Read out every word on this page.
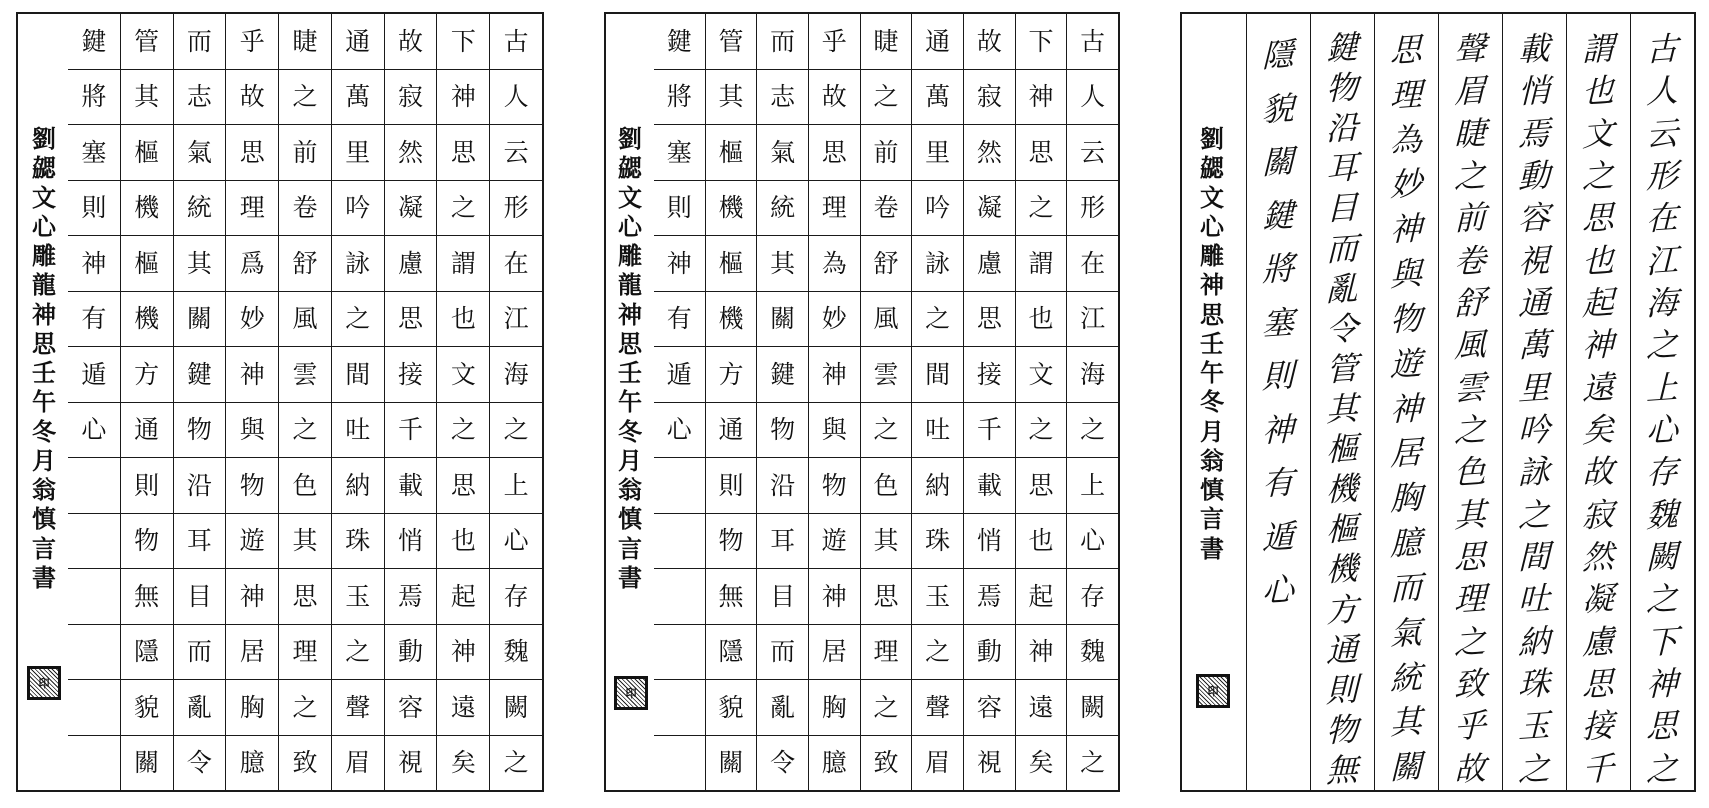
古
人
云
形
在
江
海
之
上
心
存
魏
闕
之
下
神
思
之
謂
也
文
之
思
也
起
神
遠
矣
故
寂
然
凝
慮
思
接
千
載
悄
焉
動
容
視
通
萬
里
吟
詠
之
間
吐
納
珠
玉
之
聲
眉
睫
之
前
卷
舒
風
雲
之
色
其
思
理
之
致
乎
故
思
理
爲
妙
神
與
物
遊
神
居
胸
臆
而
志
氣
統
其
關
鍵
物
沿
耳
目
而
亂
令
管
其
樞
機
樞
機
方
通
則
物
無
隱
貌
關
鍵
將
塞
則
神
有
遁
心
劉
勰
文
心
雕
龍
神
思
壬
午
冬
月
翁
慎
言
書
印
古
人
云
形
在
江
海
之
上
心
存
魏
闕
之
下
神
思
之
謂
也
文
之
思
也
起
神
遠
矣
故
寂
然
凝
慮
思
接
千
載
悄
焉
動
容
視
通
萬
里
吟
詠
之
間
吐
納
珠
玉
之
聲
眉
睫
之
前
卷
舒
風
雲
之
色
其
思
理
之
致
乎
故
思
理
為
妙
神
與
物
遊
神
居
胸
臆
而
志
氣
統
其
關
鍵
物
沿
耳
目
而
亂
令
管
其
樞
機
樞
機
方
通
則
物
無
隱
貌
關
鍵
將
塞
則
神
有
遁
心
劉
勰
文
心
雕
龍
神
思
壬
午
冬
月
翁
慎
言
書
印
古
人
云
形
在
江
海
之
上
心
存
魏
闕
之
下
神
思
之
謂
也
文
之
思
也
起
神
遠
矣
故
寂
然
凝
慮
思
接
千
載
悄
焉
動
容
視
通
萬
里
吟
詠
之
間
吐
納
珠
玉
之
聲
眉
睫
之
前
卷
舒
風
雲
之
色
其
思
理
之
致
乎
故
思
理
為
妙
神
與
物
遊
神
居
胸
臆
而
氣
統
其
關
鍵
物
沿
耳
目
而
亂
令
管
其
樞
機
樞
機
方
通
則
物
無
隱
貌
關
鍵
將
塞
則
神
有
遁
心
劉
勰
文
心
雕
神
思
壬
午
冬
月
翁
慎
言
書
印
